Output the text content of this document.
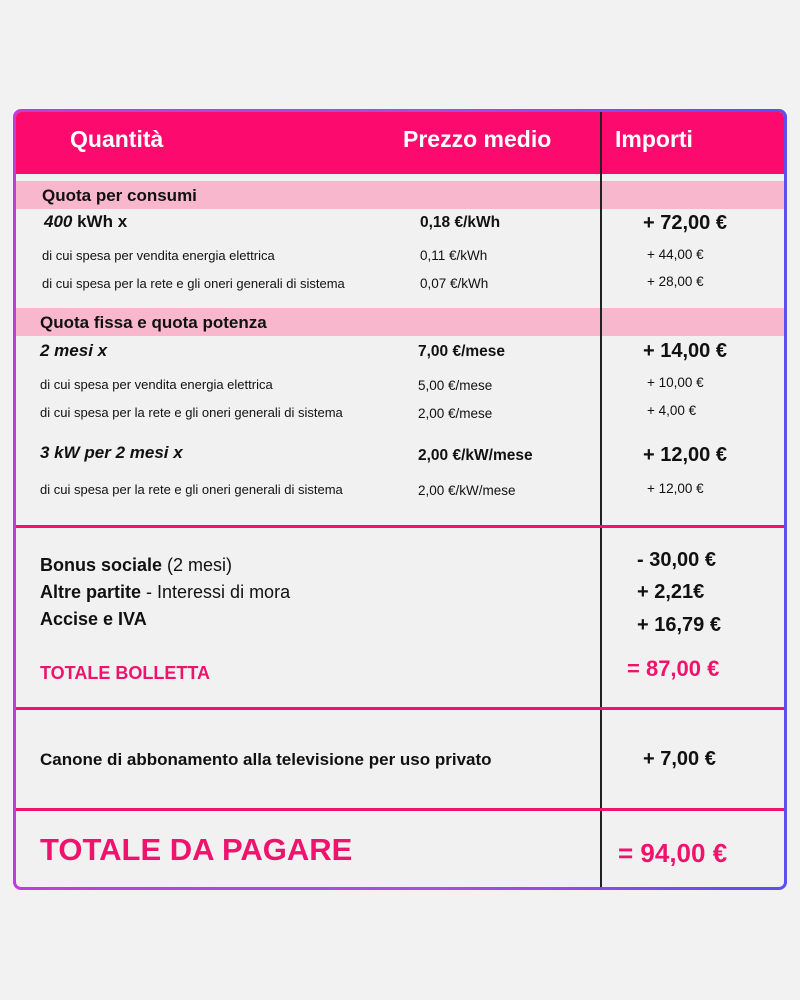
Quantità	Prezzo medio	Importi
Quota per consumi
400 kWh x	0,18 €/kWh	+ 72,00 €
di cui spesa per vendita energia elettrica	0,11 €/kWh	+ 44,00 €
di cui spesa per la rete e gli oneri generali di sistema	0,07 €/kWh	+ 28,00 €
Quota fissa e quota potenza
2 mesi x	7,00 €/mese	+ 14,00 €
di cui spesa per vendita energia elettrica	5,00 €/mese	+ 10,00 €
di cui spesa per la rete e gli oneri generali di sistema	2,00 €/mese	+ 4,00 €
3 kW per 2 mesi x	2,00 €/kW/mese	+ 12,00 €
di cui spesa per la rete e gli oneri generali di sistema	2,00 €/kW/mese	+ 12,00 €
Bonus sociale (2 mesi)	- 30,00 €
Altre partite - Interessi di mora	+ 2,21€
Accise e IVA	+ 16,79 €
TOTALE BOLLETTA	= 87,00 €
Canone di abbonamento alla televisione per uso privato	+ 7,00 €
TOTALE DA PAGARE	= 94,00 €
